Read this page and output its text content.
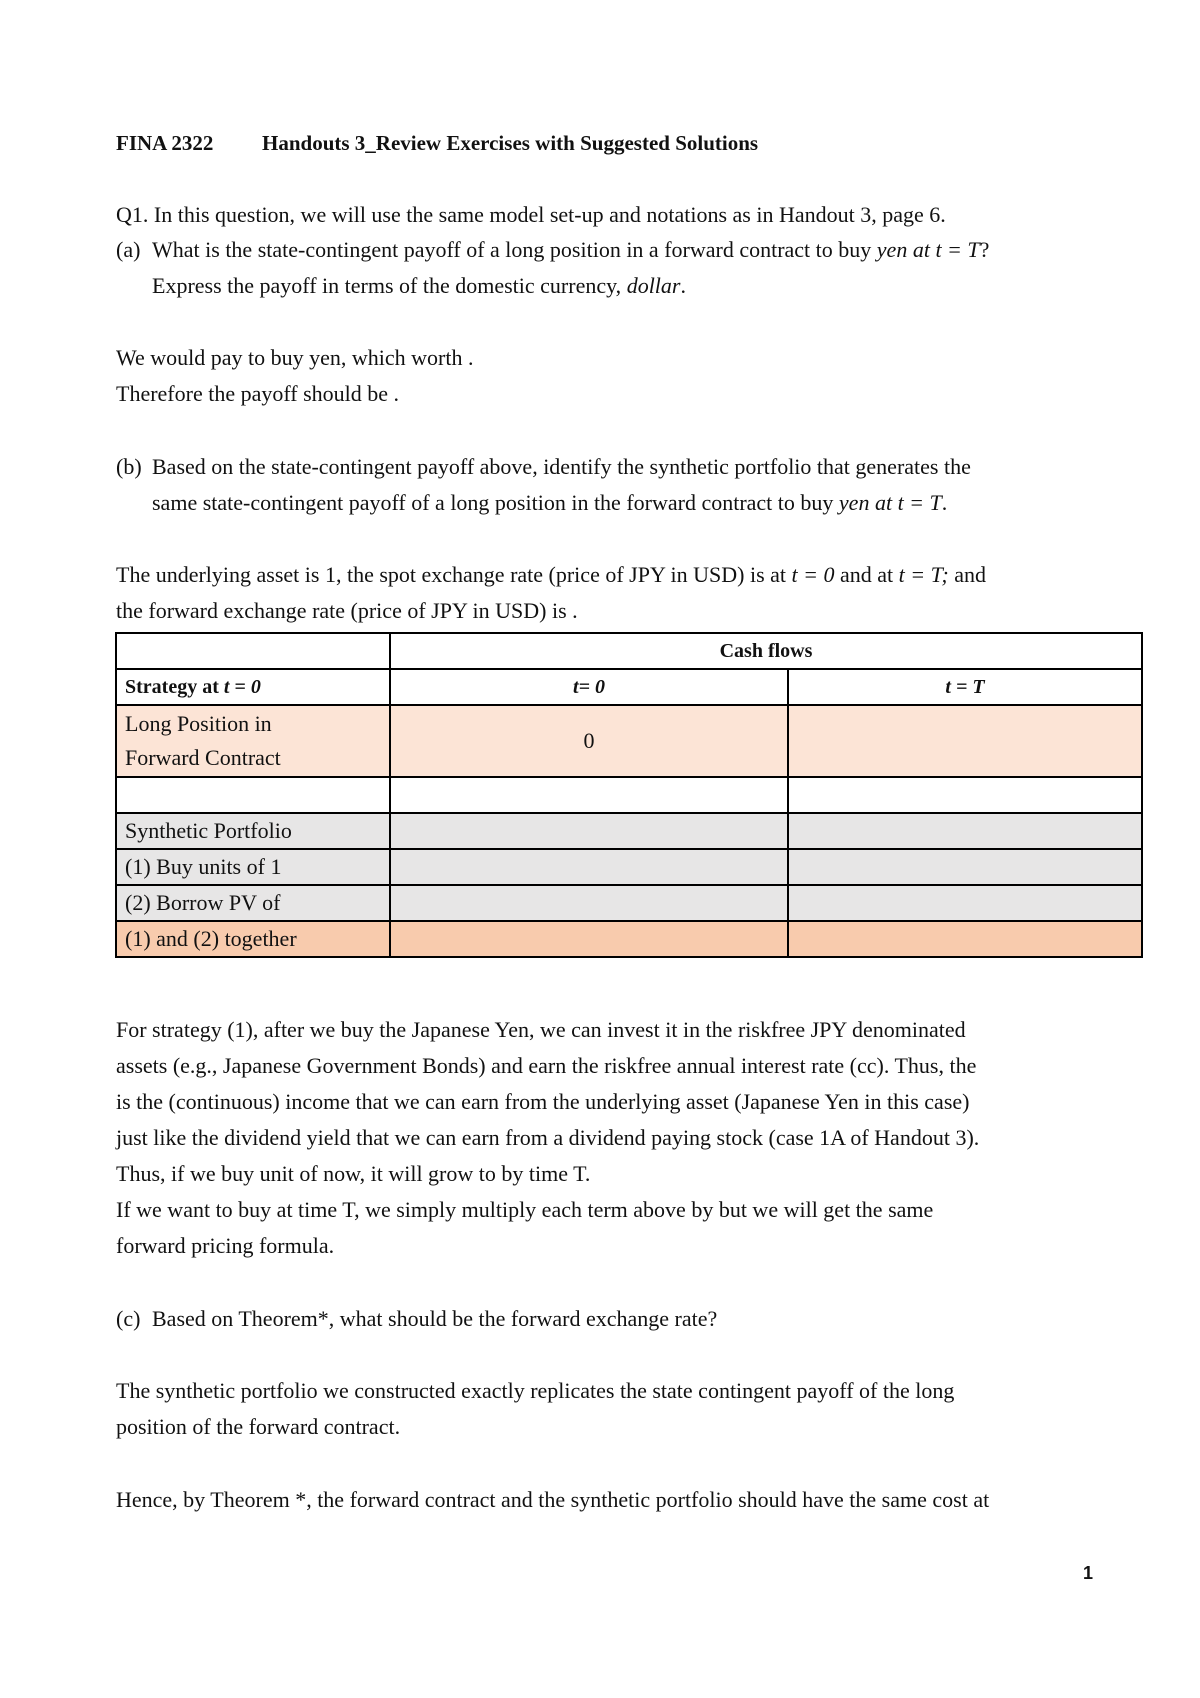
FINA 2322 Handouts 3_Review Exercises with Suggested Solutions
Q1. In this question, we will use the same model set-up and notations as in Handout 3, page 6.
(a) What is the state-contingent payoff of a long position in a forward contract to buy yen at t = T?
Express the payoff in terms of the domestic currency, dollar.
We would pay to buy yen, which worth .
Therefore the payoff should be .
(b) Based on the state-contingent payoff above, identify the synthetic portfolio that generates the
same state-contingent payoff of a long position in the forward contract to buy yen at t = T.
The underlying asset is 1, the spot exchange rate (price of JPY in USD) is at t = 0 and at t = T; and
the forward exchange rate (price of JPY in USD) is .
	Cash flows	
Strategy at t = 0	t= 0	t = T
Long Position in
Forward Contract	0	

Synthetic Portfolio		
(1) Buy units of 1		
(2) Borrow PV of		
(1) and (2) together		
For strategy (1), after we buy the Japanese Yen, we can invest it in the riskfree JPY denominated
assets (e.g., Japanese Government Bonds) and earn the riskfree annual interest rate (cc). Thus, the
is the (continuous) income that we can earn from the underlying asset (Japanese Yen in this case)
just like the dividend yield that we can earn from a dividend paying stock (case 1A of Handout 3).
Thus, if we buy unit of now, it will grow to by time T.
If we want to buy at time T, we simply multiply each term above by but we will get the same
forward pricing formula.
(c) Based on Theorem*, what should be the forward exchange rate?
The synthetic portfolio we constructed exactly replicates the state contingent payoff of the long
position of the forward contract.
Hence, by Theorem *, the forward contract and the synthetic portfolio should have the same cost at
1
